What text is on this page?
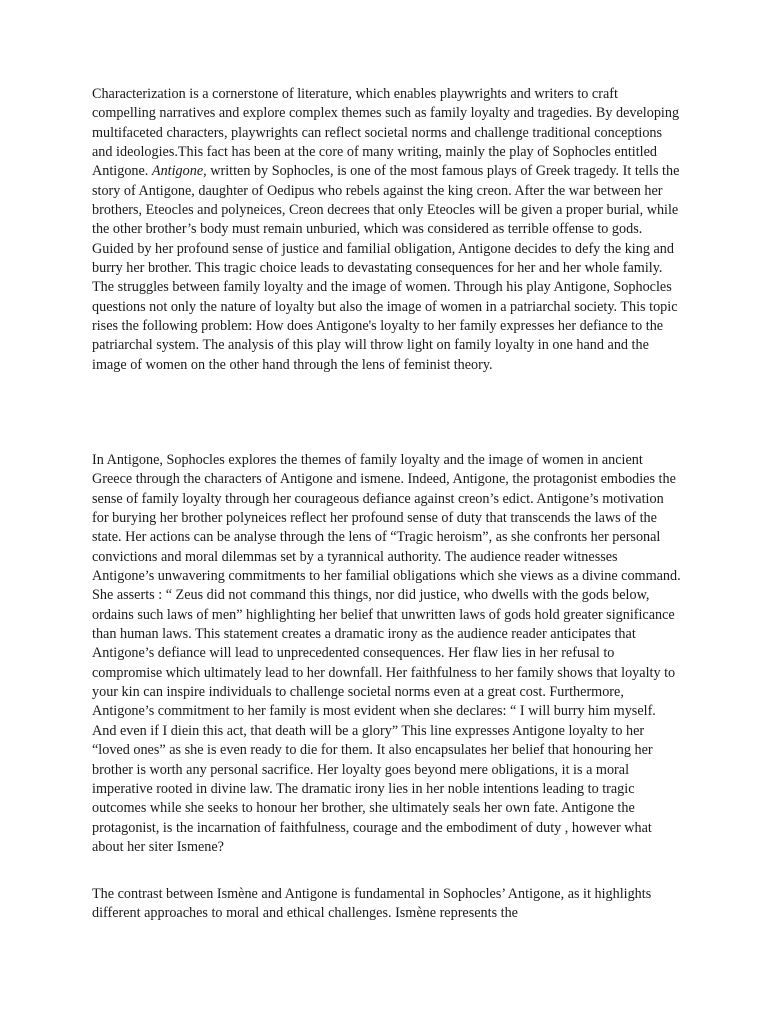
Characterization is a cornerstone of literature, which enables playwrights and writers to craft compelling narratives and explore complex themes such as family loyalty and tragedies. By developing multifaceted characters, playwrights can reflect societal norms and challenge traditional conceptions and ideologies.This fact has been at the core of many writing, mainly the play of Sophocles entitled Antigone. Antigone, written by Sophocles, is one of the most famous plays of Greek tragedy. It tells the story of Antigone, daughter of Oedipus who rebels against the king creon. After the war between her brothers, Eteocles and polyneices, Creon decrees that only Eteocles will be given a proper burial, while the other brother’s body must remain unburied, which was considered as terrible offense to gods. Guided by her profound sense of justice and familial obligation, Antigone decides to defy the king and burry her brother. This tragic choice leads to devastating consequences for her and her whole family. The struggles between family loyalty and the image of women. Through his play Antigone, Sophocles questions not only the nature of loyalty but also the image of women in a patriarchal society. This topic rises the following problem: How does Antigone's loyalty to her family expresses her defiance to the patriarchal system. The analysis of this play will throw light on family loyalty in one hand and the image of women on the other hand through the lens of feminist theory.

In Antigone, Sophocles explores the themes of family loyalty and the image of women in ancient Greece through the characters of Antigone and ismene. Indeed, Antigone, the protagonist embodies the sense of family loyalty through her courageous defiance against creon’s edict. Antigone’s motivation for burying her brother polyneices reflect her profound sense of duty that transcends the laws of the state. Her actions can be analyse through the lens of “Tragic heroism”, as she confronts her personal convictions and moral dilemmas set by a tyrannical authority. The audience reader witnesses Antigone’s unwavering commitments to her familial obligations which she views as a divine command. She asserts : “ Zeus did not command this things, nor did justice, who dwells with the gods below, ordains such laws of men” highlighting her belief that unwritten laws of gods hold greater significance than human laws. This statement creates a dramatic irony as the audience reader anticipates that Antigone’s defiance will lead to unprecedented consequences. Her flaw lies in her refusal to compromise which ultimately lead to her downfall. Her faithfulness to her family shows that loyalty to your kin can inspire individuals to challenge societal norms even at a great cost. Furthermore, Antigone’s commitment to her family is most evident when she declares: “ I will burry him myself. And even if I diein this act, that death will be a glory” This line expresses Antigone loyalty to her “loved ones” as she is even ready to die for them. It also encapsulates her belief that honouring her brother is worth any personal sacrifice. Her loyalty goes beyond mere obligations, it is a moral imperative rooted in divine law. The dramatic irony lies in her noble intentions leading to tragic outcomes while she seeks to honour her brother, she ultimately seals her own fate. Antigone the protagonist, is the incarnation of faithfulness, courage and the embodiment of duty , however what about her siter Ismene?

The contrast between Ismène and Antigone is fundamental in Sophocles’ Antigone, as it highlights different approaches to moral and ethical challenges. Ismène represents the
